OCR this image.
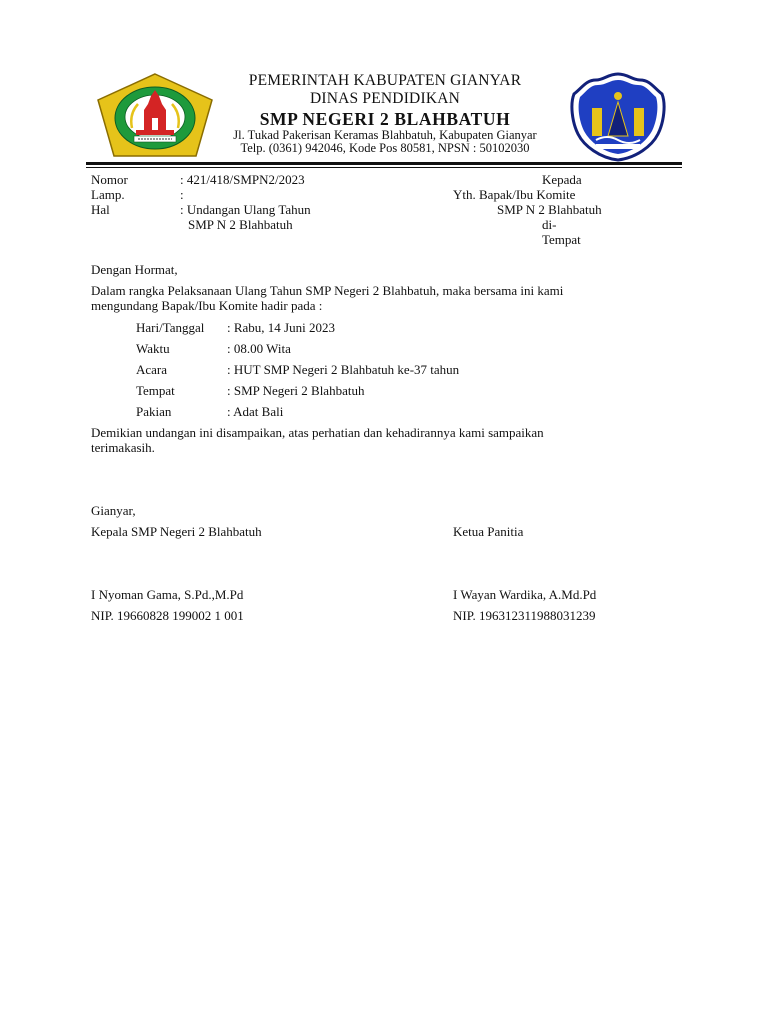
PEMERINTAH KABUPATEN GIANYAR
DINAS PENDIDIKAN
SMP NEGERI 2 BLAHBATUH
Jl. Tukad Pakerisan Keramas Blahbatuh, Kabupaten Gianyar
Telp. (0361) 942046, Kode Pos 80581, NPSN : 50102030
Nomor	: 421/418/SMPN2/2023
Lamp.	:
Hal	: Undangan Ulang Tahun
SMP N 2 Blahbatuh
Kepada
Yth. Bapak/Ibu Komite
SMP N 2 Blahbatuh
di-
Tempat
Dengan Hormat,
Dalam rangka Pelaksanaan Ulang Tahun SMP Negeri 2 Blahbatuh, maka bersama ini kami
mengundang Bapak/Ibu Komite hadir pada :
Hari/Tanggal : Rabu, 14 Juni 2023
Waktu	: 08.00 Wita
Acara	: HUT SMP Negeri 2 Blahbatuh ke-37 tahun
Tempat	: SMP Negeri 2 Blahbatuh
Pakian	: Adat Bali
Demikian undangan ini disampaikan, atas perhatian dan kehadirannya kami sampaikan
terimakasih.
Gianyar,
Kepala SMP Negeri 2 Blahbatuh	Ketua Panitia
I Nyoman Gama, S.Pd.,M.Pd	I Wayan Wardika, A.Md.Pd
NIP. 19660828 199002 1 001	NIP. 196312311988031239
